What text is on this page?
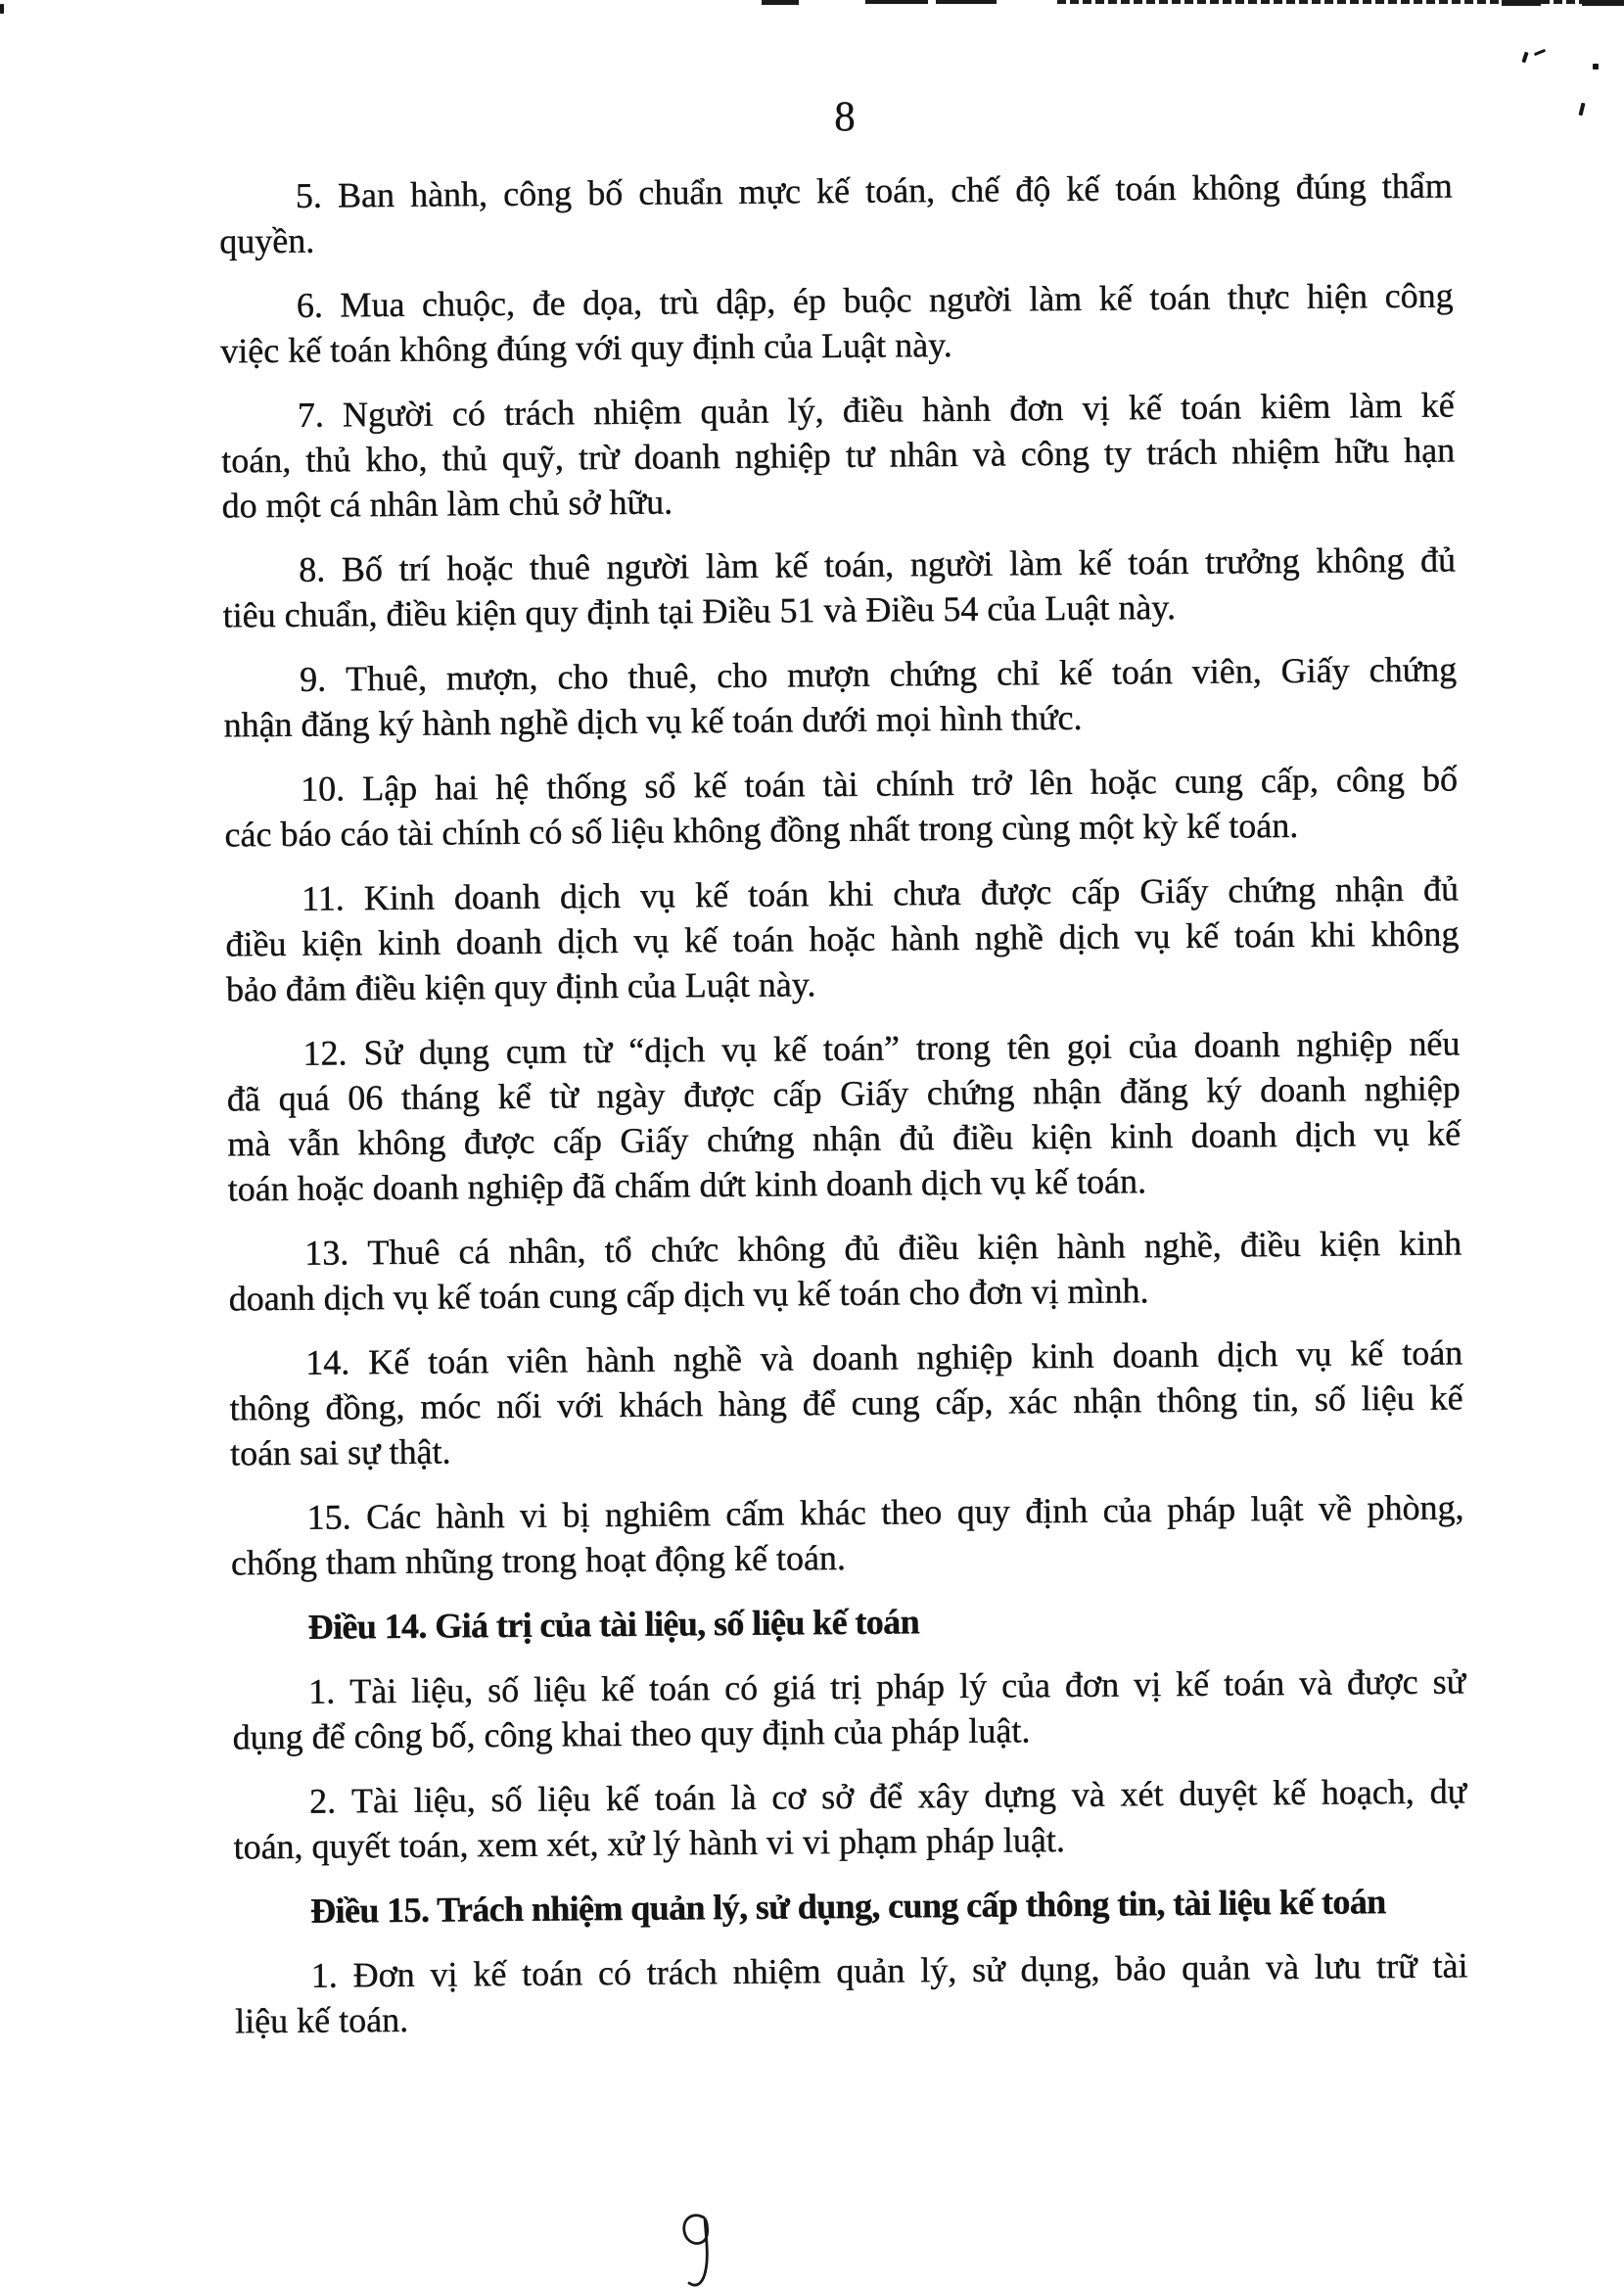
8
5. Ban hành, công bố chuẩn mực kế toán, chế độ kế toán không đúng thẩm
quyền.
6. Mua chuộc, đe dọa, trù dập, ép buộc người làm kế toán thực hiện công
việc kế toán không đúng với quy định của Luật này.
7. Người có trách nhiệm quản lý, điều hành đơn vị kế toán kiêm làm kế
toán, thủ kho, thủ quỹ, trừ doanh nghiệp tư nhân và công ty trách nhiệm hữu hạn
do một cá nhân làm chủ sở hữu.
8. Bố trí hoặc thuê người làm kế toán, người làm kế toán trưởng không đủ
tiêu chuẩn, điều kiện quy định tại Điều 51 và Điều 54 của Luật này.
9. Thuê, mượn, cho thuê, cho mượn chứng chỉ kế toán viên, Giấy chứng
nhận đăng ký hành nghề dịch vụ kế toán dưới mọi hình thức.
10. Lập hai hệ thống sổ kế toán tài chính trở lên hoặc cung cấp, công bố
các báo cáo tài chính có số liệu không đồng nhất trong cùng một kỳ kế toán.
11. Kinh doanh dịch vụ kế toán khi chưa được cấp Giấy chứng nhận đủ
điều kiện kinh doanh dịch vụ kế toán hoặc hành nghề dịch vụ kế toán khi không
bảo đảm điều kiện quy định của Luật này.
12. Sử dụng cụm từ “dịch vụ kế toán” trong tên gọi của doanh nghiệp nếu
đã quá 06 tháng kể từ ngày được cấp Giấy chứng nhận đăng ký doanh nghiệp
mà vẫn không được cấp Giấy chứng nhận đủ điều kiện kinh doanh dịch vụ kế
toán hoặc doanh nghiệp đã chấm dứt kinh doanh dịch vụ kế toán.
13. Thuê cá nhân, tổ chức không đủ điều kiện hành nghề, điều kiện kinh
doanh dịch vụ kế toán cung cấp dịch vụ kế toán cho đơn vị mình.
14. Kế toán viên hành nghề và doanh nghiệp kinh doanh dịch vụ kế toán
thông đồng, móc nối với khách hàng để cung cấp, xác nhận thông tin, số liệu kế
toán sai sự thật.
15. Các hành vi bị nghiêm cấm khác theo quy định của pháp luật về phòng,
chống tham nhũng trong hoạt động kế toán.
Điều 14. Giá trị của tài liệu, số liệu kế toán
1. Tài liệu, số liệu kế toán có giá trị pháp lý của đơn vị kế toán và được sử
dụng để công bố, công khai theo quy định của pháp luật.
2. Tài liệu, số liệu kế toán là cơ sở để xây dựng và xét duyệt kế hoạch, dự
toán, quyết toán, xem xét, xử lý hành vi vi phạm pháp luật.
Điều 15. Trách nhiệm quản lý, sử dụng, cung cấp thông tin, tài liệu kế toán
1. Đơn vị kế toán có trách nhiệm quản lý, sử dụng, bảo quản và lưu trữ tài
liệu kế toán.
